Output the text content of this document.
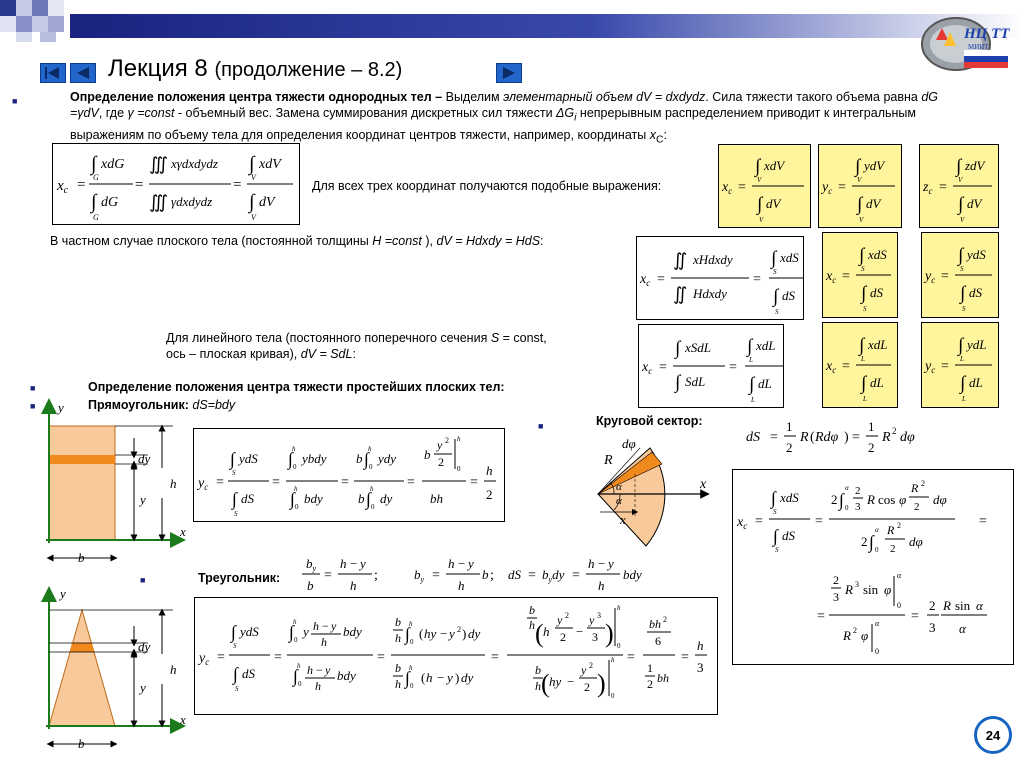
Лекция 8 (продолжение – 8.2)
НЦ ТТ
МИИТ
■	Определение положения центра тяжести однородных тел – Выделим элементарный объем dV = dxdydz. Сила тяжести такого объема равна dG =γdV, где γ =const - объемный вес. Замена суммирования дискретных сил тяжести $\Delta G_i$ непрерывным распределением приводит к интегральным выражениям по объему тела для определения координат центров тяжести, например, координаты $x_C$:
$x_c$ =
∫ xdG
G
∫ dG
G
=
∭ xγdxdydz
∭ γdxdydz
=
∫ xdV
V
∫ dV
V
Для всех трех координат получаются подобные выражения:	$x_c$ =
∫ xdV
V
∫ dV
V
$y_c$ =
∫ ydV
V
∫ dV
V
$z_c$ =
∫ zdV
V
∫ dV
V
$x_c$ =
∫ xdS
S
∫ dS
S
$y_c$ =
∫ ydS
S
∫ dS
S
$x_c$ =
∫ xdL
L
∫ dL
L
$y_c$ =
∫ ydL
L
∫ dL
L
$x_c$ =
∬ xHdxdy
∬ Hdxdy
=
∫ xdS
S
∫ dS
S
$x_c$ =
∫ xSdL
∫ SdL
=
∫ xdL
L
∫ dL
L
В частном случае плоского тела (постоянной толщины H =const ), dV = Hdxdy = HdS:
Для линейного тела (постоянного поперечного сечения S = const,
ось – плоская кривая), dV = SdL:
■	Определение положения центра тяжести простейших плоских тел:
■	Прямоугольник: dS=bdy
■	Круговой сектор:
■	Треугольник:
y
dy
y
h
x
b
y
dy
y
h
x
b
R
dφ
α
α
x
x
$y_c$ =
∫ ydS
S
∫ dS
S
=
∫ h
0
ybdy
∫ h
0
bdy
=
b ∫ h
0
ydy
b ∫ h
0
dy
=
b
y 2
2
h
0
bh
=
h
2
dS =
1
2
R ( Rdφ ) =
1
2
R 2 dφ
$x_c$ =
∫ xdS
S
∫ dS
S
=
2 ∫
α
0
2
3 R cos φ
R 2
2 dφ
2 ∫
α
0
R 2
2 dφ
=
=
2
3 R 3 sin φ
α
0
R 2 φ
α
0
=
2
3
R sin α
α
$b_y$
b
=
h − y
h
;	$b_y$ =
h − y
h
b ; dS = $b_ydy$ =
h − y
h
bdy
$y_c$ =
∫ ydS
S
∫ dS
S
=
∫ h
0
y h − y
h
bdy
∫ h
0
h − y
h
bdy
=
b
h ∫ h
0
( hy − y 2 ) dy
b
h ∫ h
0
( h − y ) dy
=
b
h ( h
y 2
2 −
y 3
3 )
h
0
b
h ( hy −
y 2
2 )
h
0
=
bh 2
6
1
2 bh
=
h
3
24
